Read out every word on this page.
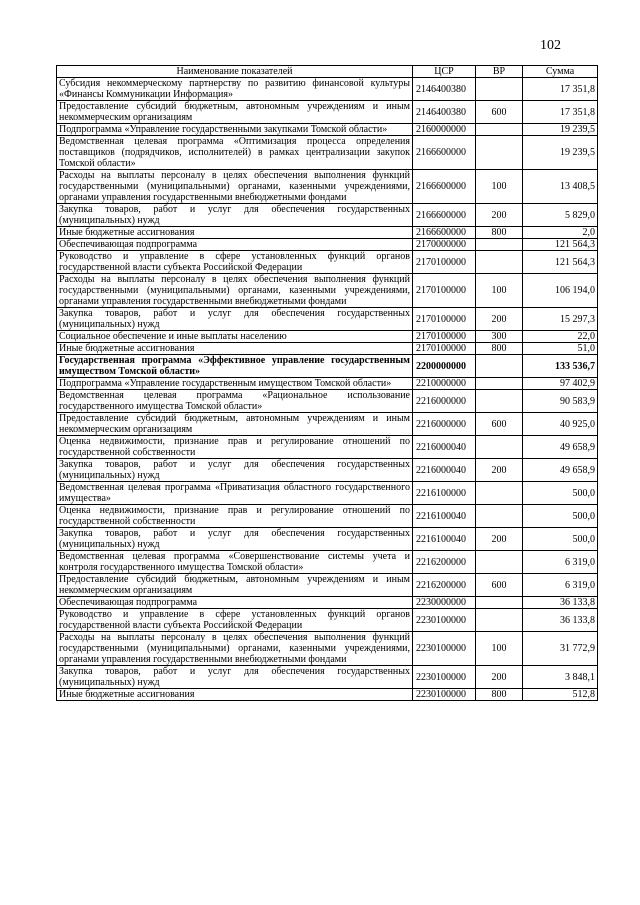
102
Наименование показателей	ЦСР	ВР	Сумма
Субсидия некоммерческому партнерству по развитию финансовой культуры «Финансы Коммуникации Информация»	2146400380		17 351,8
Предоставление субсидий бюджетным, автономным учреждениям и иным некоммерческим организациям	2146400380	600	17 351,8
Подпрограмма «Управление государственными закупками Томской области»	2160000000		19 239,5
Ведомственная целевая программа «Оптимизация процесса определения поставщиков (подрядчиков, исполнителей) в рамках централизации закупок Томской области»	2166600000		19 239,5
Расходы на выплаты персоналу в целях обеспечения выполнения функций государственными (муниципальными) органами, казенными учреждениями, органами управления государственными внебюджетными фондами	2166600000	100	13 408,5
Закупка товаров, работ и услуг для обеспечения государственных (муниципальных) нужд	2166600000	200	5 829,0
Иные бюджетные ассигнования	2166600000	800	2,0
Обеспечивающая подпрограмма	2170000000		121 564,3
Руководство и управление в сфере установленных функций органов государственной власти субъекта Российской Федерации	2170100000		121 564,3
Расходы на выплаты персоналу в целях обеспечения выполнения функций государственными (муниципальными) органами, казенными учреждениями, органами управления государственными внебюджетными фондами	2170100000	100	106 194,0
Закупка товаров, работ и услуг для обеспечения государственных (муниципальных) нужд	2170100000	200	15 297,3
Социальное обеспечение и иные выплаты населению	2170100000	300	22,0
Иные бюджетные ассигнования	2170100000	800	51,0
Государственная программа «Эффективное управление государственным имуществом Томской области»	2200000000		133 536,7
Подпрограмма «Управление государственным имуществом Томской области»	2210000000		97 402,9
Ведомственная целевая программа «Рациональное использование государственного имущества Томской области»	2216000000		90 583,9
Предоставление субсидий бюджетным, автономным учреждениям и иным некоммерческим организациям	2216000000	600	40 925,0
Оценка недвижимости, признание прав и регулирование отношений по государственной собственности	2216000040		49 658,9
Закупка товаров, работ и услуг для обеспечения государственных (муниципальных) нужд	2216000040	200	49 658,9
Ведомственная целевая программа «Приватизация областного государственного имущества»	2216100000		500,0
Оценка недвижимости, признание прав и регулирование отношений по государственной собственности	2216100040		500,0
Закупка товаров, работ и услуг для обеспечения государственных (муниципальных) нужд	2216100040	200	500,0
Ведомственная целевая программа «Совершенствование системы учета и контроля государственного имущества Томской области»	2216200000		6 319,0
Предоставление субсидий бюджетным, автономным учреждениям и иным некоммерческим организациям	2216200000	600	6 319,0
Обеспечивающая подпрограмма	2230000000		36 133,8
Руководство и управление в сфере установленных функций органов государственной власти субъекта Российской Федерации	2230100000		36 133,8
Расходы на выплаты персоналу в целях обеспечения выполнения функций государственными (муниципальными) органами, казенными учреждениями, органами управления государственными внебюджетными фондами	2230100000	100	31 772,9
Закупка товаров, работ и услуг для обеспечения государственных (муниципальных) нужд	2230100000	200	3 848,1
Иные бюджетные ассигнования	2230100000	800	512,8
